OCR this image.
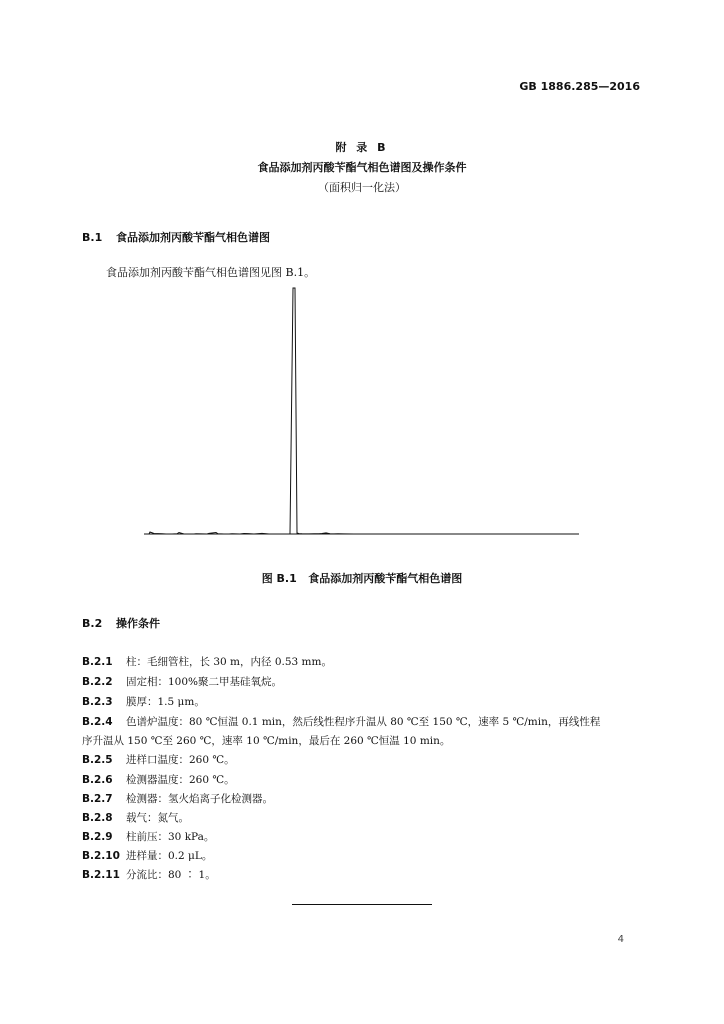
GB 1886.285—2016
附 录 B
食品添加剂丙酸苄酯气相色谱图及操作条件
（面积归一化法）
B.1 食品添加剂丙酸苄酯气相色谱图
食品添加剂丙酸苄酯气相色谱图见图 B.1。
图 B.1 食品添加剂丙酸苄酯气相色谱图
B.2 操作条件
B.2.1 柱：毛细管柱，长 30 m，内径 0.53 mm。
B.2.2 固定相：100%聚二甲基硅氧烷。
B.2.3 膜厚：1.5 μm。
B.2.4 色谱炉温度：80 ℃恒温 0.1 min，然后线性程序升温从 80 ℃至 150 ℃，速率 5 ℃/min，再线性程
序升温从 150 ℃至 260 ℃，速率 10 ℃/min，最后在 260 ℃恒温 10 min。
B.2.5 进样口温度：260 ℃。
B.2.6 检测器温度：260 ℃。
B.2.7 检测器：氢火焰离子化检测器。
B.2.8 载气：氮气。
B.2.9 柱前压：30 kPa。
B.2.10 进样量：0.2 μL。
B.2.11 分流比：80 ∶ 1。
4
